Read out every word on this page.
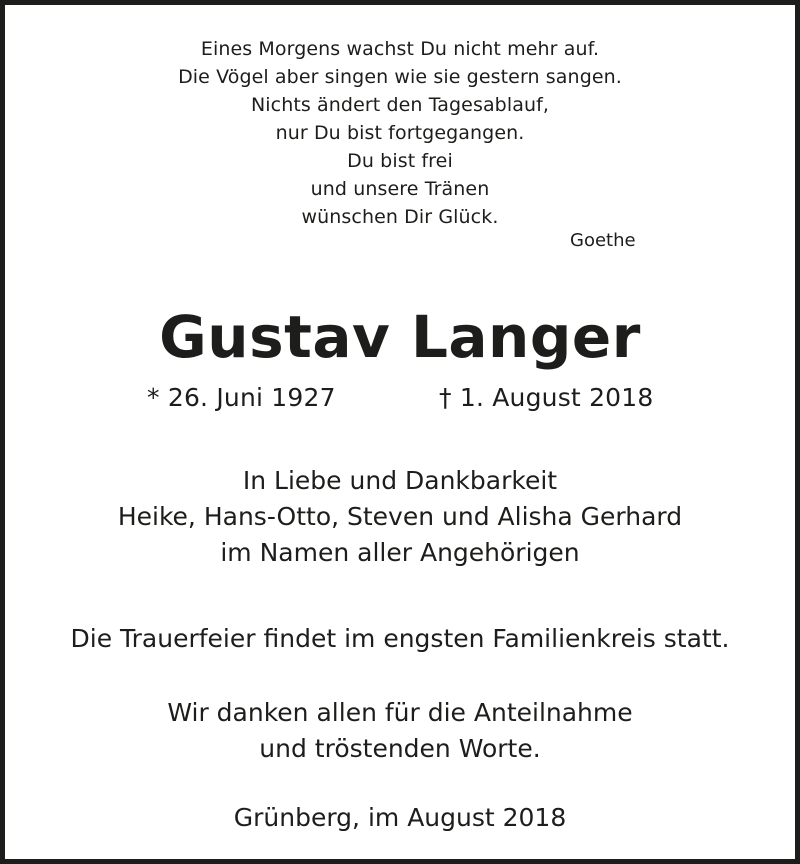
Eines Morgens wachst Du nicht mehr auf.
Die Vögel aber singen wie sie gestern sangen.
Nichts ändert den Tagesablauf,
nur Du bist fortgegangen.
Du bist frei
und unsere Tränen
wünschen Dir Glück.
Goethe
Gustav Langer
* 26. Juni 1927	† 1. August 2018
In Liebe und Dankbarkeit
Heike, Hans-Otto, Steven und Alisha Gerhard
im Namen aller Angehörigen
Die Trauerfeier findet im engsten Familienkreis statt.
Wir danken allen für die Anteilnahme
und tröstenden Worte.
Grünberg, im August 2018
